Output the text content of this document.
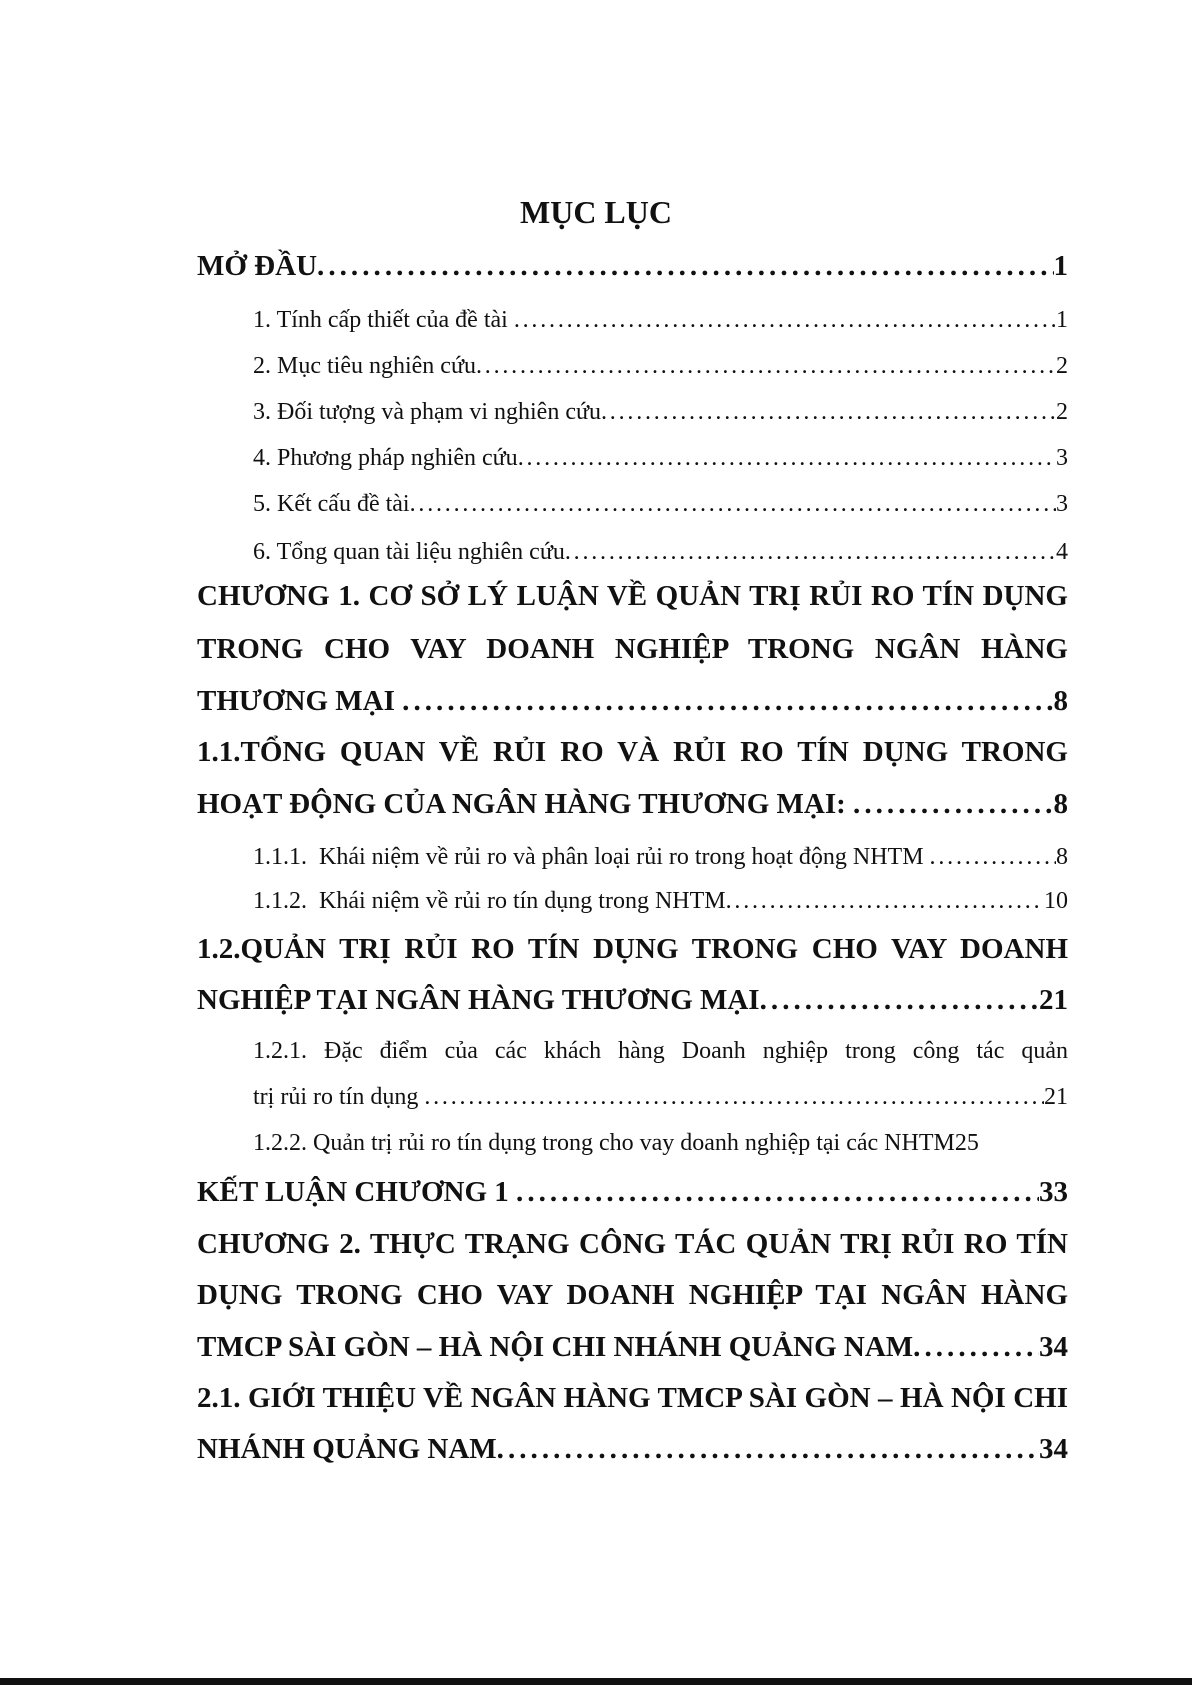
MỤC LỤC
MỞ ĐẦU . . .	1
1. Tính cấp thiết của đề tài . . .	1
2. Mục tiêu nghiên cứu . . .	2
3. Đối tượng và phạm vi nghiên cứu . . .	2
4. Phương pháp nghiên cứu . . .	3
5. Kết cấu đề tài . . .	3
6. Tổng quan tài liệu nghiên cứu . . .	4
CHƯƠNG 1. CƠ SỞ LÝ LUẬN VỀ QUẢN TRỊ RỦI RO TÍN DỤNG
TRONG CHO VAY DOANH NGHIỆP TRONG NGÂN HÀNG
THƯƠNG MẠI . . .	8
1.1.TỔNG QUAN VỀ RỦI RO VÀ RỦI RO TÍN DỤNG TRONG
HOẠT ĐỘNG CỦA NGÂN HÀNG THƯƠNG MẠI: . . .	8
1.1.1.  Khái niệm về rủi ro và phân loại rủi ro trong hoạt động NHTM . . .	8
1.1.2.  Khái niệm về rủi ro tín dụng trong NHTM . . .	10
1.2.QUẢN TRỊ RỦI RO TÍN DỤNG TRONG CHO VAY DOANH
NGHIỆP TẠI NGÂN HÀNG THƯƠNG MẠI . . .	21
1.2.1. Đặc điểm của các khách hàng Doanh nghiệp trong công tác quản
trị rủi ro tín dụng . . .	21
1.2.2. Quản trị rủi ro tín dụng trong cho vay doanh nghiệp tại các NHTM 25
KẾT LUẬN CHƯƠNG 1 . . .	33
CHƯƠNG 2. THỰC TRẠNG CÔNG TÁC QUẢN TRỊ RỦI RO TÍN
DỤNG TRONG CHO VAY DOANH NGHIỆP TẠI NGÂN HÀNG
TMCP SÀI GÒN – HÀ NỘI CHI NHÁNH QUẢNG NAM . . .	34
2.1. GIỚI THIỆU VỀ NGÂN HÀNG TMCP SÀI GÒN – HÀ NỘI CHI
NHÁNH QUẢNG NAM . . .	34
